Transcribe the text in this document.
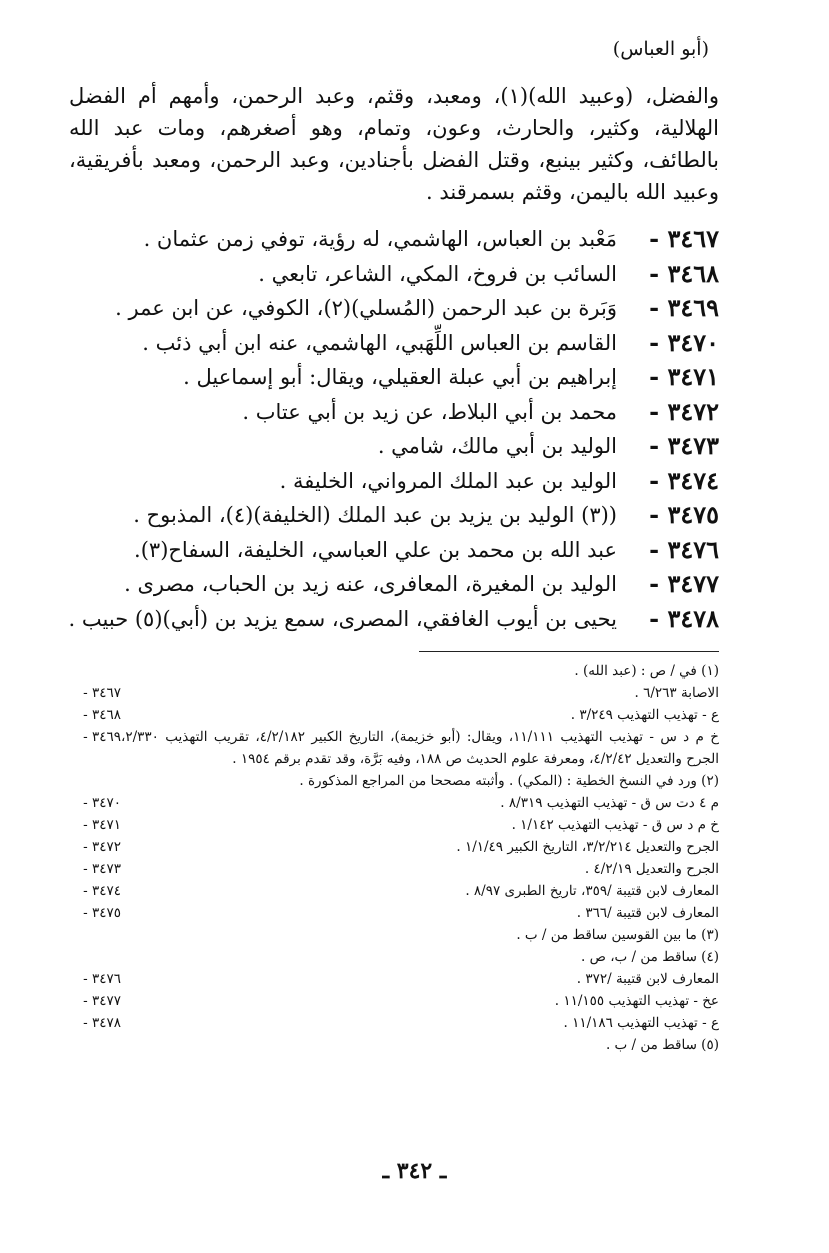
(أبو العباس)

والفضل، (وعبيد الله)(١)، ومعبد، وقثم، وعبد الرحمن، وأمهم أم الفضل الهلالية، وكثير، والحارث، وعون، وتمام، وهو أصغرهم، ومات عبد الله بالطائف، وكثير بينبع، وقتل الفضل بأجنادين، وعبد الرحمن، ومعبد بأفريقية، وعبيد الله باليمن، وقثم بسمرقند .

٣٤٦٧ -
مَعْبد بن العباس، الهاشمي، له رؤية، توفي زمن عثمان .
٣٤٦٨ -
السائب بن فروخ، المكي، الشاعر، تابعي .
٣٤٦٩ -
وَبَرة بن عبد الرحمن (المُسلي)(٢)، الكوفي، عن ابن عمر .
٣٤٧٠ -
القاسم بن العباس اللِّهَبي، الهاشمي، عنه ابن أبي ذئب .
٣٤٧١ -
إبراهيم بن أبي عبلة العقيلي، ويقال: أبو إسماعيل .
٣٤٧٢ -
محمد بن أبي البلاط، عن زيد بن أبي عتاب .
٣٤٧٣ -
الوليد بن أبي مالك، شامي .
٣٤٧٤ -
الوليد بن عبد الملك المرواني، الخليفة .
٣٤٧٥ -
((٣) الوليد بن يزيد بن عبد الملك (الخليفة)(٤)، المذبوح .
٣٤٧٦ -
عبد الله بن محمد بن علي العباسي، الخليفة، السفاح(٣).
٣٤٧٧ -
الوليد بن المغيرة، المعافرى، عنه زيد بن الحباب، مصرى .
٣٤٧٨ -
يحيى بن أيوب الغافقي، المصرى، سمع يزيد بن (أبي)(٥) حبيب .
(١) في / ص : (عبد الله) .
٣٤٦٧ -	الاصابة ٦/٢٦٣ .
٣٤٦٨ -	ع - تهذيب التهذيب ٣/٢٤٩ .
٣٤٦٩ - خ م د س - تهذيب التهذيب ١١/١١١، ويقال: (أبو خزيمة)، التاريخ الكبير ٤/٢/١٨٢، تقريب التهذيب ٢/٣٣٠، الجرح والتعديل ٤/٢/٤٢، ومعرفة علوم الحديث ص ١٨٨، وفيه بَرَّة، وقد تقدم برقم ١٩٥٤ .
(٢) ورد في النسخ الخطية : (المكي) . وأثبته مصححا من المراجع المذكورة .
٣٤٧٠ -	م ٤ دت س ق - تهذيب التهذيب ٨/٣١٩ .
٣٤٧١ -	خ م د س ق - تهذيب التهذيب ١/١٤٢ .
٣٤٧٢ -	الجرح والتعديل ٣/٢/٢١٤، التاريخ الكبير ١/١/٤٩ .
٣٤٧٣ -	الجرح والتعديل ٤/٢/١٩ .
٣٤٧٤ -	المعارف لابن قتيبة /٣٥٩، تاريخ الطبرى ٨/٩٧ .
٣٤٧٥ -	المعارف لابن قتيبة /٣٦٦ .
(٣) ما بين القوسين ساقط من / ب .
(٤) ساقط من / ب، ص .
٣٤٧٦ -	المعارف لابن قتيبة /٣٧٢ .
٣٤٧٧ -	عخ - تهذيب التهذيب ١١/١٥٥ .
٣٤٧٨ -	ع - تهذيب التهذيب ١١/١٨٦ .
(٥) ساقط من / ب .
ـ ٣٤٢ ـ
